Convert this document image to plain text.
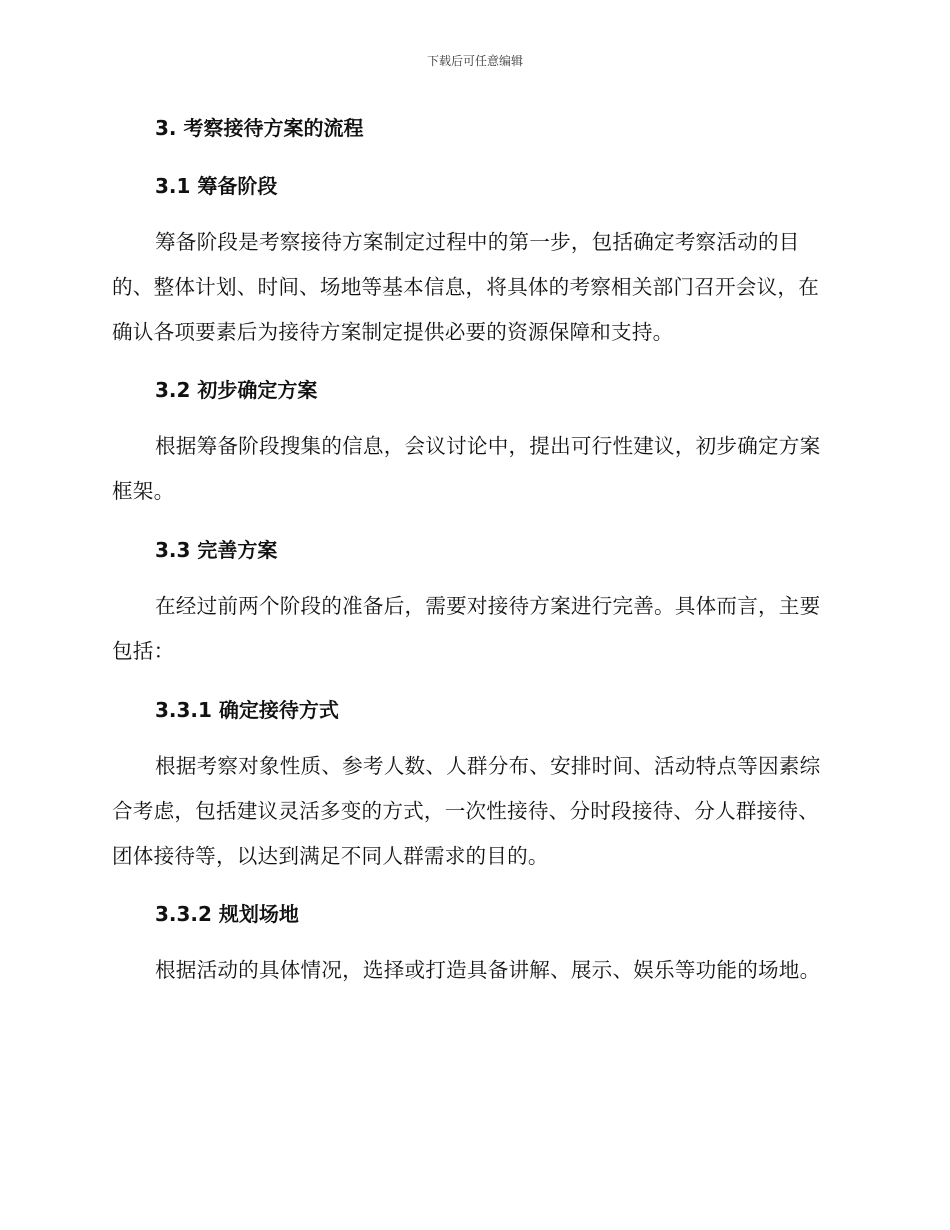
下载后可任意编辑
3. 考察接待方案的流程
3.1 筹备阶段

筹备阶段是考察接待方案制定过程中的第一步，包括确定考察活动的目的、整体计划、时间、场地等基本信息，将具体的考察相关部门召开会议，在确认各项要素后为接待方案制定提供必要的资源保障和支持。

3.2 初步确定方案

根据筹备阶段搜集的信息，会议讨论中，提出可行性建议，初步确定方案框架。

3.3 完善方案

在经过前两个阶段的准备后，需要对接待方案进行完善。具体而言，主要包括：

3.3.1 确定接待方式

根据考察对象性质、参考人数、人群分布、安排时间、活动特点等因素综合考虑，包括建议灵活多变的方式，一次性接待、分时段接待、分人群接待、团体接待等，以达到满足不同人群需求的目的。

3.3.2 规划场地

根据活动的具体情况，选择或打造具备讲解、展示、娱乐等功能的场地。
